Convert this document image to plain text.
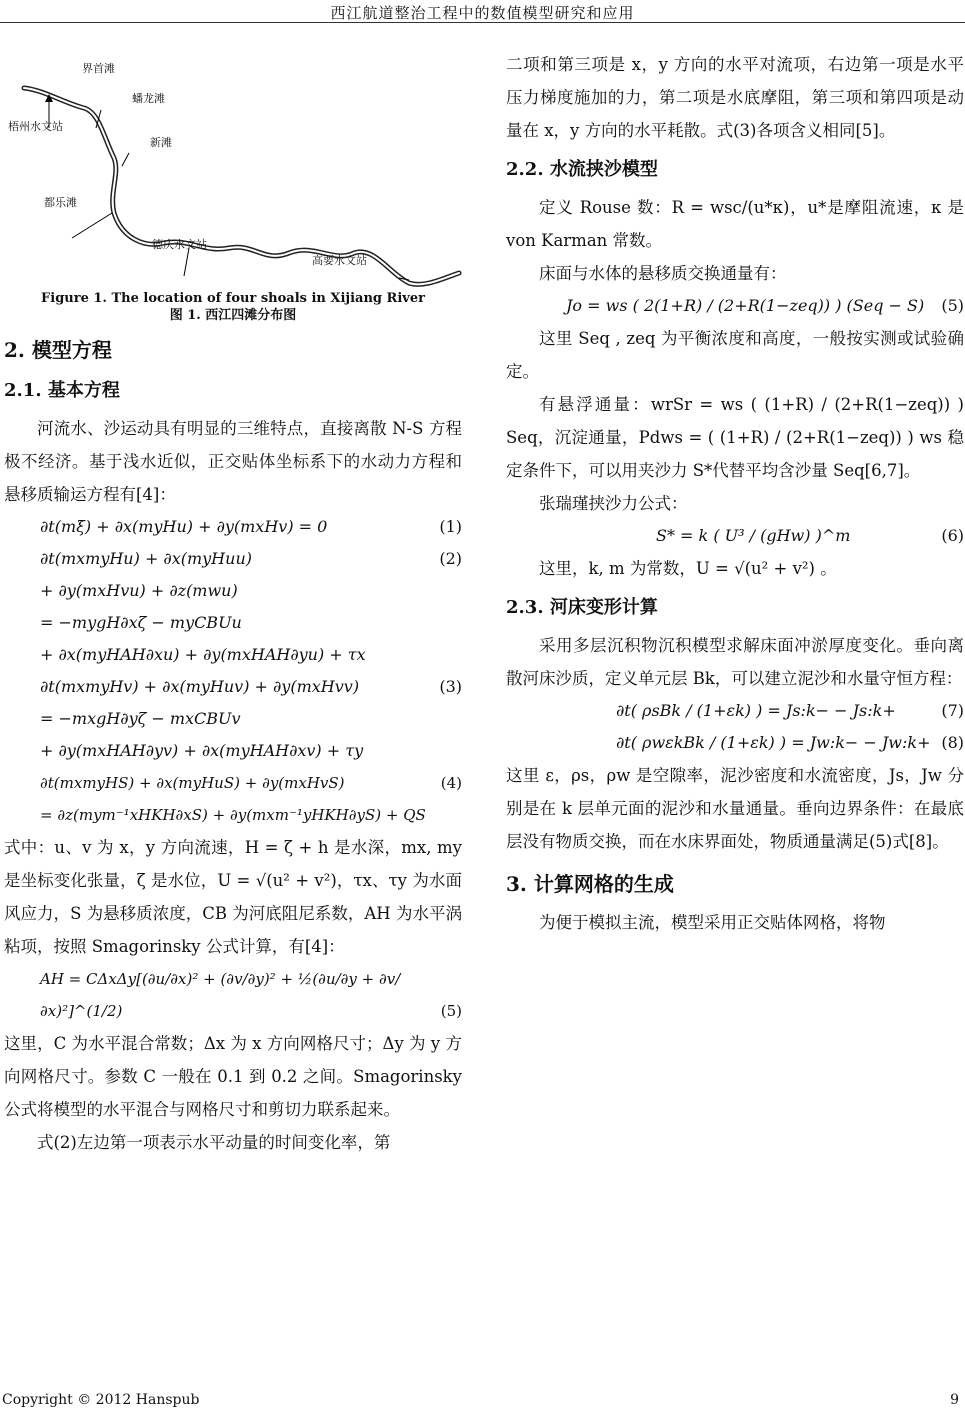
西江航道整治工程中的数值模型研究和应用
界首滩
蟠龙滩
梧州水文站
新滩
都乐滩
德庆水文站
高要水文站
Figure 1. The location of four shoals in Xijiang River
图 1. 西江四滩分布图
2. 模型方程
2.1. 基本方程

河流水、沙运动具有明显的三维特点，直接离散 N-S 方程极不经济。基于浅水近似，正交贴体坐标系下的水动力方程和悬移质输运方程有[4]：

∂t(mξ) + ∂x(myHu) + ∂y(mxHv) = 0	(1)
∂t(mxmyHu) + ∂x(myHuu)
+ ∂y(mxHvu) + ∂z(mwu)
= −mygH∂xζ − myCBUu
(2)
+ ∂x(myHAH∂xu) + ∂y(mxHAH∂yu) + τx
∂t(mxmyHv) + ∂x(myHuv) + ∂y(mxHvv)
= −mxgH∂yζ − mxCBUv
(3)
+ ∂y(mxHAH∂yv) + ∂x(myHAH∂xv) + τy
∂t(mxmyHS) + ∂x(myHuS) + ∂y(mxHvS)	(4)
= ∂z(mym⁻¹xHKH∂xS) + ∂y(mxm⁻¹yHKH∂yS) + QS

式中：u、v 为 x，y 方向流速，H = ζ + h 是水深，mx, my 是坐标变化张量，ζ 是水位，U = √(u² + v²)，τx、τy 为水面风应力，S 为悬移质浓度，CB 为河底阻尼系数，AH 为水平涡粘项，按照 Smagorinsky 公式计算，有[4]：

AH = CΔxΔy[(∂u/∂x)² + (∂v/∂y)² + ½(∂u/∂y + ∂v/∂x)²]^(1/2)	(5)

这里，C 为水平混合常数；Δx 为 x 方向网格尺寸；Δy 为 y 方向网格尺寸。参数 C 一般在 0.1 到 0.2 之间。Smagorinsky 公式将模型的水平混合与网格尺寸和剪切力联系起来。

式(2)左边第一项表示水平动量的时间变化率，第

二项和第三项是 x，y 方向的水平对流项，右边第一项是水平压力梯度施加的力，第二项是水底摩阻，第三项和第四项是动量在 x，y 方向的水平耗散。式(3)各项含义相同[5]。

2.2. 水流挟沙模型

定义 Rouse 数：R = wsc/(u*κ)，u*是摩阻流速，κ 是 von Karman 常数。

床面与水体的悬移质交换通量有：

Jo = ws ( 2(1+R) / (2+R(1−zeq)) ) (Seq − S) (5)

这里 Seq , zeq 为平衡浓度和高度，一般按实测或试验确定。

有悬浮通量：wrSr = ws ( (1+R) / (2+R(1−zeq)) ) Seq，沉淀通量，Pdws = ( (1+R) / (2+R(1−zeq)) ) ws 稳定条件下，可以用夹沙力 S*代替平均含沙量 Seq[6,7]。

张瑞瑾挟沙力公式：

S* = k ( U³ / (gHw) )^m	(6)

这里，k, m 为常数，U = √(u² + v²) 。

2.3. 河床变形计算

采用多层沉积物沉积模型求解床面冲淤厚度变化。垂向离散河床沙质，定义单元层 Bk，可以建立泥沙和水量守恒方程：

∂t( ρsBk / (1+εk) ) = Js:k− − Js:k+	(7)
∂t( ρwεkBk / (1+εk) ) = Jw:k− − Jw:k+ (8)

这里 ε，ρs，ρw 是空隙率，泥沙密度和水流密度，Js，Jw 分别是在 k 层单元面的泥沙和水量通量。垂向边界条件：在最底层没有物质交换，而在水床界面处，物质通量满足(5)式[8]。

3. 计算网格的生成

为便于模拟主流，模型采用正交贴体网格，将物

Copyright © 2012 Hanspub	9
